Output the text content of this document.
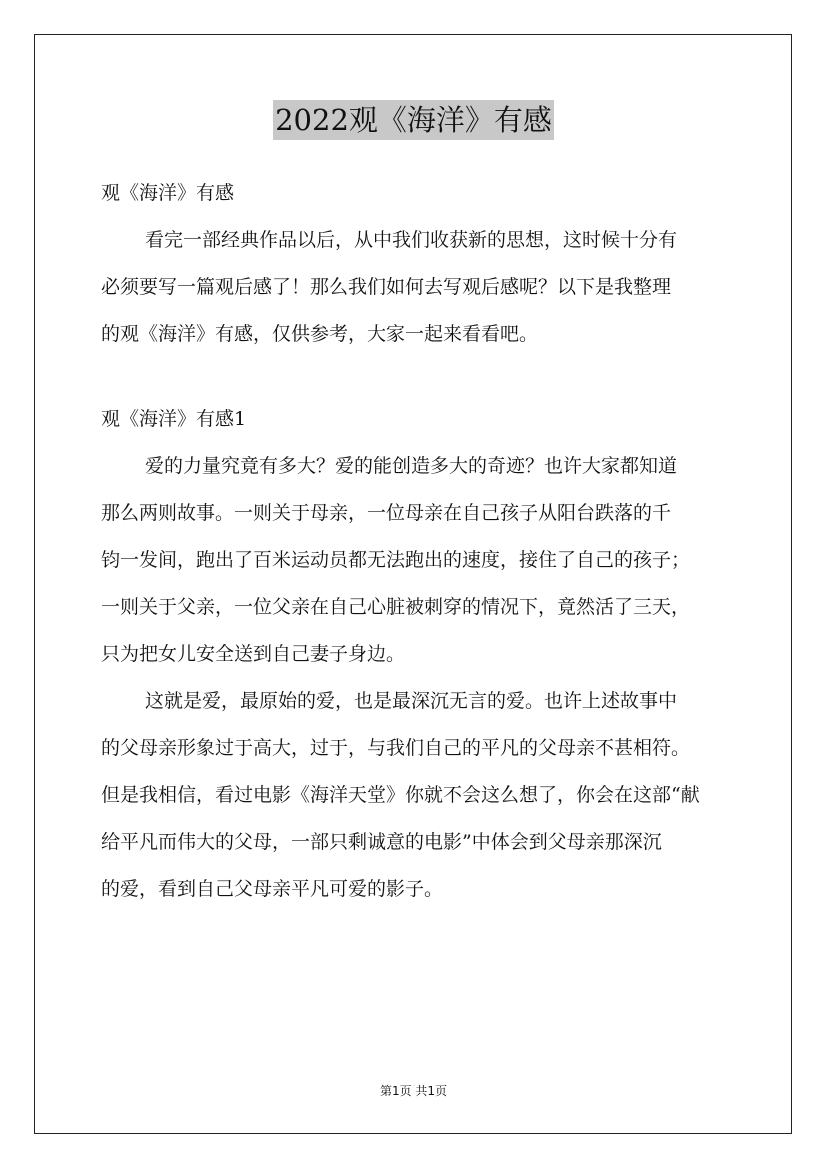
2022观《海洋》有感
观《海洋》有感
看完一部经典作品以后，从中我们收获新的思想，这时候十分有
必须要写一篇观后感了！那么我们如何去写观后感呢？以下是我整理
的观《海洋》有感，仅供参考，大家一起来看看吧。
观《海洋》有感1
爱的力量究竟有多大？爱的能创造多大的奇迹？也许大家都知道
那么两则故事。一则关于母亲，一位母亲在自己孩子从阳台跌落的千
钧一发间，跑出了百米运动员都无法跑出的速度，接住了自己的孩子；
一则关于父亲，一位父亲在自己心脏被刺穿的情况下，竟然活了三天，
只为把女儿安全送到自己妻子身边。
这就是爱，最原始的爱，也是最深沉无言的爱。也许上述故事中
的父母亲形象过于高大，过于，与我们自己的平凡的父母亲不甚相符。
但是我相信，看过电影《海洋天堂》你就不会这么想了，你会在这部“献
给平凡而伟大的父母，一部只剩诚意的电影”中体会到父母亲那深沉
的爱，看到自己父母亲平凡可爱的影子。
第1页 共1页
